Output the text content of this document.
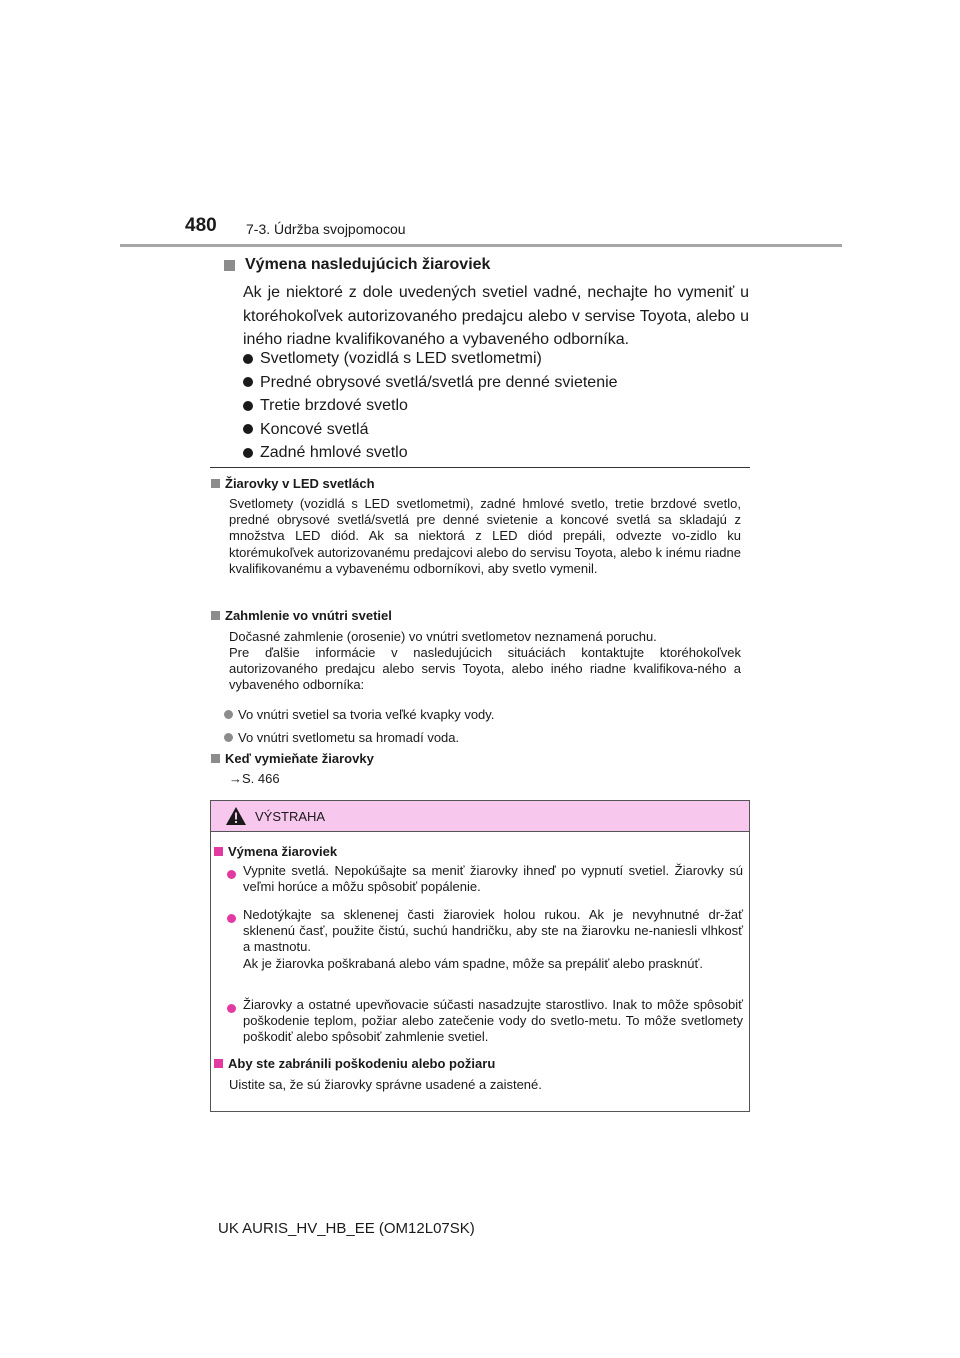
480 7-3. Údržba svojpomocou
Výmena nasledujúcich žiaroviek
Ak je niektoré z dole uvedených svetiel vadné, nechajte ho vymeniť u ktoréhokoľvek autorizovaného predajcu alebo v servise Toyota, alebo u iného riadne kvalifikovaného a vybaveného odborníka.
Svetlomety (vozidlá s LED svetlometmi)
Predné obrysové svetlá/svetlá pre denné svietenie
Tretie brzdové svetlo
Koncové svetlá
Zadné hmlové svetlo
Žiarovky v LED svetlách
Svetlomety (vozidlá s LED svetlometmi), zadné hmlové svetlo, tretie brzdové svetlo, predné obrysové svetlá/svetlá pre denné svietenie a koncové svetlá sa skladajú z množstva LED diód. Ak sa niektorá z LED diód prepáli, odvezte vo-zidlo ku ktorémukoľvek autorizovanému predajcovi alebo do servisu Toyota, alebo k inému riadne kvalifikovanému a vybavenému odborníkovi, aby svetlo vymenil.
Zahmlenie vo vnútri svetiel
Dočasné zahmlenie (orosenie) vo vnútri svetlometov neznamená poruchu.
Pre ďalšie informácie v nasledujúcich situáciách kontaktujte ktoréhokoľvek autorizovaného predajcu alebo servis Toyota, alebo iného riadne kvalifikova-ného a vybaveného odborníka:
Vo vnútri svetiel sa tvoria veľké kvapky vody.
Vo vnútri svetlometu sa hromadí voda.
Keď vymieňate žiarovky
→S. 466
VÝSTRAHA
Výmena žiaroviek
Vypnite svetlá. Nepokúšajte sa meniť žiarovky ihneď po vypnutí svetiel. Žiarovky sú veľmi horúce a môžu spôsobiť popálenie.
Nedotýkajte sa sklenenej časti žiaroviek holou rukou. Ak je nevyhnutné dr-žať sklenenú časť, použite čistú, suchú handričku, aby ste na žiarovku ne-naniesli vlhkosť a mastnotu.
Ak je žiarovka poškrabaná alebo vám spadne, môže sa prepáliť alebo prasknúť.
Žiarovky a ostatné upevňovacie súčasti nasadzujte starostlivo. Inak to môže spôsobiť poškodenie teplom, požiar alebo zatečenie vody do svetlo-metu. To môže svetlomety poškodiť alebo spôsobiť zahmlenie svetiel.
Aby ste zabránili poškodeniu alebo požiaru
Uistite sa, že sú žiarovky správne usadené a zaistené.
UK AURIS_HV_HB_EE (OM12L07SK)
